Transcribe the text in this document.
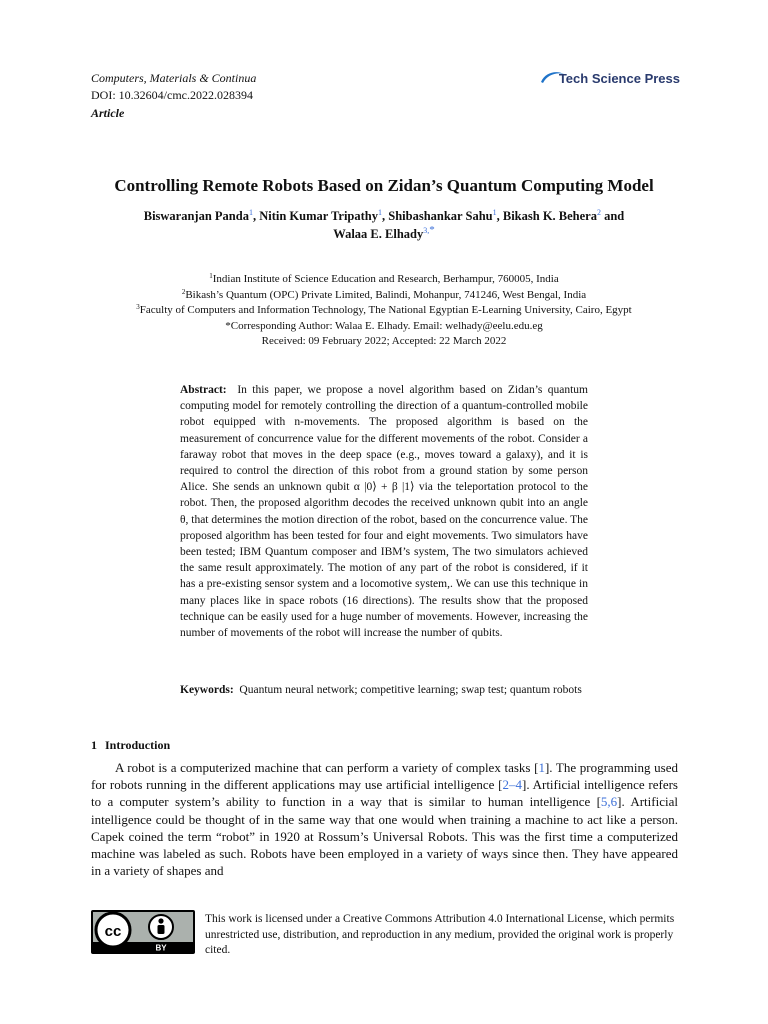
Computers, Materials & Continua
DOI: 10.32604/cmc.2022.028394
Article
Tech Science Press
Controlling Remote Robots Based on Zidan’s Quantum Computing Model
Biswaranjan Panda$^1$, Nitin Kumar Tripathy$^1$, Shibashankar Sahu$^1$, Bikash K. Behera$^2$ and
Walaa E. Elhady$^{3,*}$
$^1$Indian Institute of Science Education and Research, Berhampur, 760005, India
$^2$Bikash’s Quantum (OPC) Private Limited, Balindi, Mohanpur, 741246, West Bengal, India
$^3$Faculty of Computers and Information Technology, The National Egyptian E-Learning University, Cairo, Egypt
*Corresponding Author: Walaa E. Elhady. Email: welhady@eelu.edu.eg
Received: 09 February 2022; Accepted: 22 March 2022
Abstract: In this paper, we propose a novel algorithm based on Zidan’s quantum computing model for remotely controlling the direction of a quantum-controlled mobile robot equipped with n-movements. The proposed algorithm is based on the measurement of concurrence value for the different movements of the robot. Consider a faraway robot that moves in the deep space (e.g., moves toward a galaxy), and it is required to control the direction of this robot from a ground station by some person Alice. She sends an unknown qubit α |0⟩ + β |1⟩ via the teleportation protocol to the robot. Then, the proposed algorithm decodes the received unknown qubit into an angle θ, that determines the motion direction of the robot, based on the concurrence value. The proposed algorithm has been tested for four and eight movements. Two simulators have been tested; IBM Quantum composer and IBM’s system, The two simulators achieved the same result approximately. The motion of any part of the robot is considered, if it has a pre-existing sensor system and a locomotive system,. We can use this technique in many places like in space robots (16 directions). The results show that the proposed technique can be easily used for a huge number of movements. However, increasing the number of movements of the robot will increase the number of qubits.
Keywords: Quantum neural network; competitive learning; swap test; quantum robots
1 Introduction

A robot is a computerized machine that can perform a variety of complex tasks [1]. The programming used for robots running in the different applications may use artificial intelligence [2–4]. Artificial intelligence refers to a computer system’s ability to function in a way that is similar to human intelligence [5,6]. Artificial intelligence could be thought of in the same way that one would when training a machine to act like a person. Capek coined the term “robot” in 1920 at Rossum’s Universal Robots. This was the first time a computerized machine was labeled as such. Robots have been employed in a variety of ways since then. They have appeared in a variety of shapes and

cc
BY
This work is licensed under a Creative Commons Attribution 4.0 International License, which permits unrestricted use, distribution, and reproduction in any medium, provided the original work is properly cited.
